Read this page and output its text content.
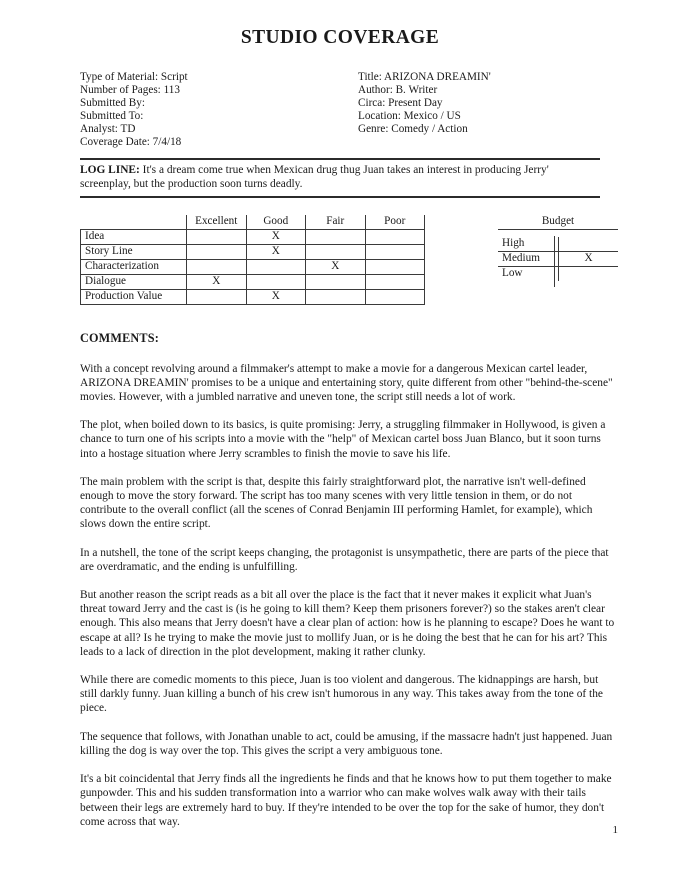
STUDIO COVERAGE
Type of Material: Script
Number of Pages: 113
Submitted By:
Submitted To:
Analyst: TD
Coverage Date: 7/4/18
Title: ARIZONA DREAMIN'
Author: B. Writer
Circa: Present Day
Location: Mexico / US
Genre: Comedy / Action
LOG LINE: It's a dream come true when Mexican drug thug Juan takes an interest in producing Jerry' screenplay, but the production soon turns deadly.
	Excellent	Good	Fair	Poor
Idea		X		
Story Line		X		
Characterization			X	
Dialogue	X			
Production Value		X		
Budget
High	
Medium	X
Low	
COMMENTS:

With a concept revolving around a filmmaker's attempt to make a movie for a dangerous Mexican cartel leader, ARIZONA DREAMIN' promises to be a unique and entertaining story, quite different from other "behind-the-scene" movies. However, with a jumbled narrative and uneven tone, the script still needs a lot of work.

The plot, when boiled down to its basics, is quite promising: Jerry, a struggling filmmaker in Hollywood, is given a chance to turn one of his scripts into a movie with the "help" of Mexican cartel boss Juan Blanco, but it soon turns into a hostage situation where Jerry scrambles to finish the movie to save his life.

The main problem with the script is that, despite this fairly straightforward plot, the narrative isn't well-defined enough to move the story forward. The script has too many scenes with very little tension in them, or do not contribute to the overall conflict (all the scenes of Conrad Benjamin III performing Hamlet, for example), which slows down the entire script.

In a nutshell, the tone of the script keeps changing, the protagonist is unsympathetic, there are parts of the piece that are overdramatic, and the ending is unfulfilling.

But another reason the script reads as a bit all over the place is the fact that it never makes it explicit what Juan's threat toward Jerry and the cast is (is he going to kill them? Keep them prisoners forever?) so the stakes aren't clear enough. This also means that Jerry doesn't have a clear plan of action: how is he planning to escape? Does he want to escape at all? Is he trying to make the movie just to mollify Juan, or is he doing the best that he can for his art? This leads to a lack of direction in the plot development, making it rather clunky.

While there are comedic moments to this piece, Juan is too violent and dangerous. The kidnappings are harsh, but still darkly funny. Juan killing a bunch of his crew isn't humorous in any way. This takes away from the tone of the piece.

The sequence that follows, with Jonathan unable to act, could be amusing, if the massacre hadn't just happened. Juan killing the dog is way over the top. This gives the script a very ambiguous tone.

It's a bit coincidental that Jerry finds all the ingredients he finds and that he knows how to put them together to make gunpowder. This and his sudden transformation into a warrior who can make wolves walk away with their tails between their legs are extremely hard to buy. If they're intended to be over the top for the sake of humor, they don't come across that way.

1
